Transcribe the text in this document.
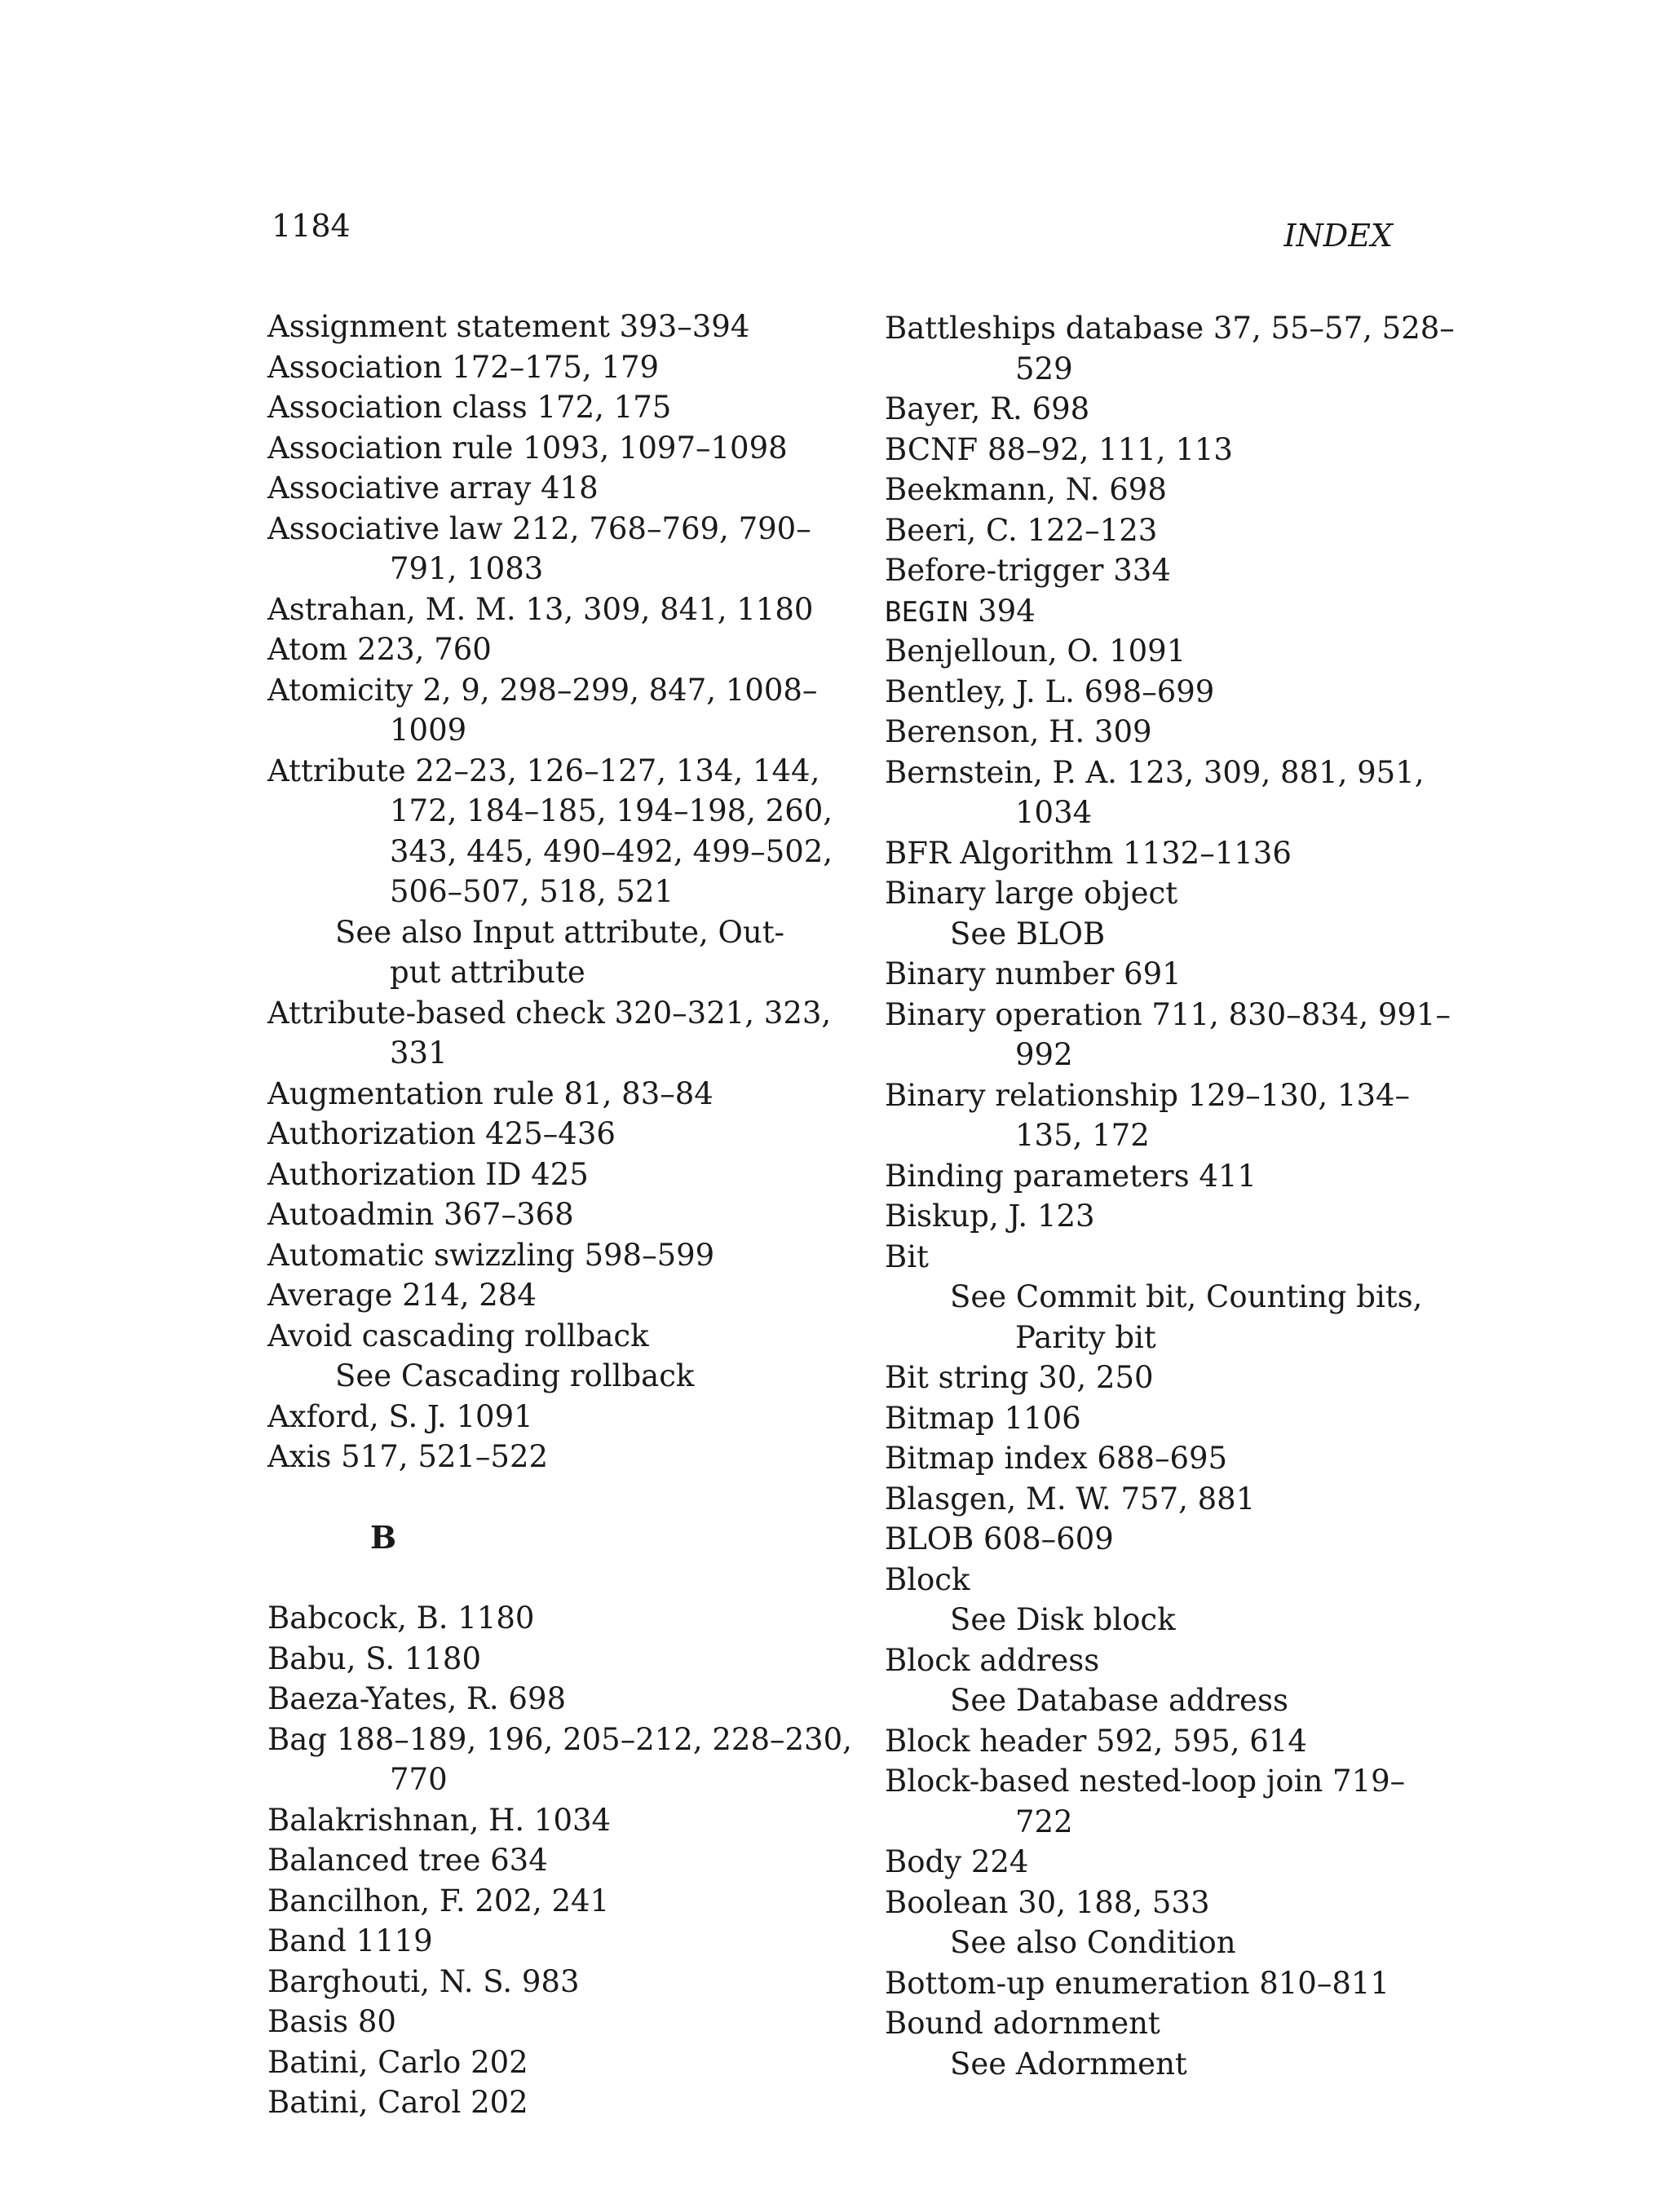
1184	INDEX
Assignment statement 393–394
Association 172–175, 179
Association class 172, 175
Association rule 1093, 1097–1098
Associative array 418
Associative law 212, 768–769, 790–
791, 1083
Astrahan, M. M. 13, 309, 841, 1180
Atom 223, 760
Atomicity 2, 9, 298–299, 847, 1008–
1009
Attribute 22–23, 126–127, 134, 144,
172, 184–185, 194–198, 260,
343, 445, 490–492, 499–502,
506–507, 518, 521
See also Input attribute, Out-
put attribute
Attribute-based check 320–321, 323,
331
Augmentation rule 81, 83–84
Authorization 425–436
Authorization ID 425
Autoadmin 367–368
Automatic swizzling 598–599
Average 214, 284
Avoid cascading rollback
See Cascading rollback
Axford, S. J. 1091
Axis 517, 521–522
B
Babcock, B. 1180
Babu, S. 1180
Baeza-Yates, R. 698
Bag 188–189, 196, 205–212, 228–230,
770
Balakrishnan, H. 1034
Balanced tree 634
Bancilhon, F. 202, 241
Band 1119
Barghouti, N. S. 983
Basis 80
Batini, Carlo 202
Batini, Carol 202
Battleships database 37, 55–57, 528–
529
Bayer, R. 698
BCNF 88–92, 111, 113
Beekmann, N. 698
Beeri, C. 122–123
Before-trigger 334
BEGIN 394
Benjelloun, O. 1091
Bentley, J. L. 698–699
Berenson, H. 309
Bernstein, P. A. 123, 309, 881, 951,
1034
BFR Algorithm 1132–1136
Binary large object
See BLOB
Binary number 691
Binary operation 711, 830–834, 991–
992
Binary relationship 129–130, 134–
135, 172
Binding parameters 411
Biskup, J. 123
Bit
See Commit bit, Counting bits,
Parity bit
Bit string 30, 250
Bitmap 1106
Bitmap index 688–695
Blasgen, M. W. 757, 881
BLOB 608–609
Block
See Disk block
Block address
See Database address
Block header 592, 595, 614
Block-based nested-loop join 719–
722
Body 224
Boolean 30, 188, 533
See also Condition
Bottom-up enumeration 810–811
Bound adornment
See Adornment
